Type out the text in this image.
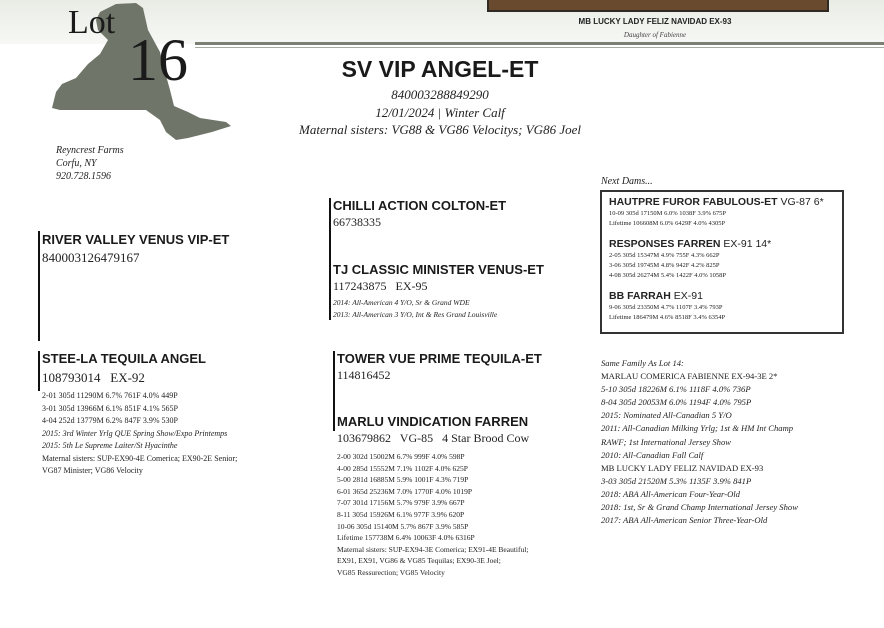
MB LUCKY LADY FELIZ NAVIDAD EX-93
Daughter of Fabienne
Lot
16	SV VIP ANGEL-ET
840003288849290
12/01/2024 | Winter Calf
Maternal sisters: VG88 & VG86 Velocitys; VG86 Joel
Reyncrest Farms
Corfu, NY
920.728.1596
RIVER VALLEY VENUS VIP-ET
840003126479167
CHILLI ACTION COLTON-ET
66738335
TJ CLASSIC MINISTER VENUS-ET
117243875   EX-95
2014: All-American 4 Y/O, Sr & Grand WDE
2013: All-American 3 Y/O, Int & Res Grand Louisville
STEE-LA TEQUILA ANGEL
108793014   EX-92
2-01 305d 11290M 6.7% 761F 4.0% 449P
3-01 305d 13966M 6.1% 851F 4.1% 565P
4-04 252d 13779M 6.2% 847F 3.9% 530P
2015: 3rd Winter Yrlg QUE Spring Show/Expo Printemps
2015: 5th Le Supreme Laiter/St Hyacinthe
Maternal sisters: SUP-EX90-4E Comerica; EX90-2E Senior;
VG87 Minister; VG86 Velocity
TOWER VUE PRIME TEQUILA-ET
114816452
MARLU VINDICATION FARREN
103679862   VG-85   4 Star Brood Cow
2-00 302d 15002M 6.7% 999F 4.0% 598P
4-00 285d 15552M 7.1% 1102F 4.0% 625P
5-00 281d 16885M 5.9% 1001F 4.3% 719P
6-01 365d 25236M 7.0% 1770F 4.0% 1019P
7-07 301d 17156M 5.7% 979F 3.9% 667P
8-11 305d 15926M 6.1% 977F 3.9% 620P
10-06 305d 15140M 5.7% 867F 3.9% 585P
Lifetime 157738M 6.4% 10063F 4.0% 6316P
Maternal sisters: SUP-EX94-3E Comerica; EX91-4E Beautiful;
EX91, EX91, VG86 & VG85 Tequilas; EX90-3E Joel;
VG85 Ressurection; VG85 Velocity
Next Dams...
HAUTPRE FUROR FABULOUS-ET VG-87 6*
10-09 305d 17150M 6.0% 1038F 3.9% 675P
Lifetime 106608M 6.0% 6429F 4.0% 4305P
RESPONSES FARREN EX-91 14*
2-05 305d 15347M 4.9% 755F 4.3% 662P
3-06 305d 19745M 4.8% 942F 4.2% 825P
4-08 305d 26274M 5.4% 1422F 4.0% 1058P
BB FARRAH EX-91
9-06 305d 23350M 4.7% 1107F 3.4% 793P
Lifetime 186479M 4.6% 8518F 3.4% 6354P
Same Family As Lot 14:
MARLAU COMERICA FABIENNE EX-94-3E 2*
5-10 305d 18226M 6.1% 1118F 4.0% 736P
8-04 305d 20053M 6.0% 1194F 4.0% 795P
2015: Nominated All-Canadian 5 Y/O
2011: All-Canadian Milking Yrlg; 1st & HM Int Champ
RAWF; 1st International Jersey Show
2010: All-Canadian Fall Calf
MB LUCKY LADY FELIZ NAVIDAD EX-93
3-03 305d 21520M 5.3% 1135F 3.9% 841P
2018: ABA All-American Four-Year-Old
2018: 1st, Sr & Grand Champ International Jersey Show
2017: ABA All-American Senior Three-Year-Old
